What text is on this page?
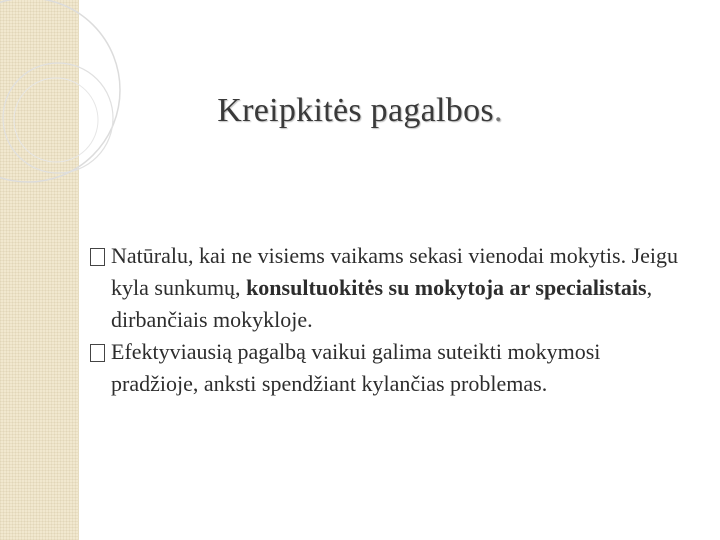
Kreipkitės pagalbos.
Natūralu, kai ne visiems vaikams sekasi vienodai mokytis. Jeigu kyla sunkumų, konsultuokitės su mokytoja ar specialistais, dirbančiais mokykloje.
Efektyviausią pagalbą vaikui galima suteikti mokymosi pradžioje, anksti spendžiant kylančias problemas.
